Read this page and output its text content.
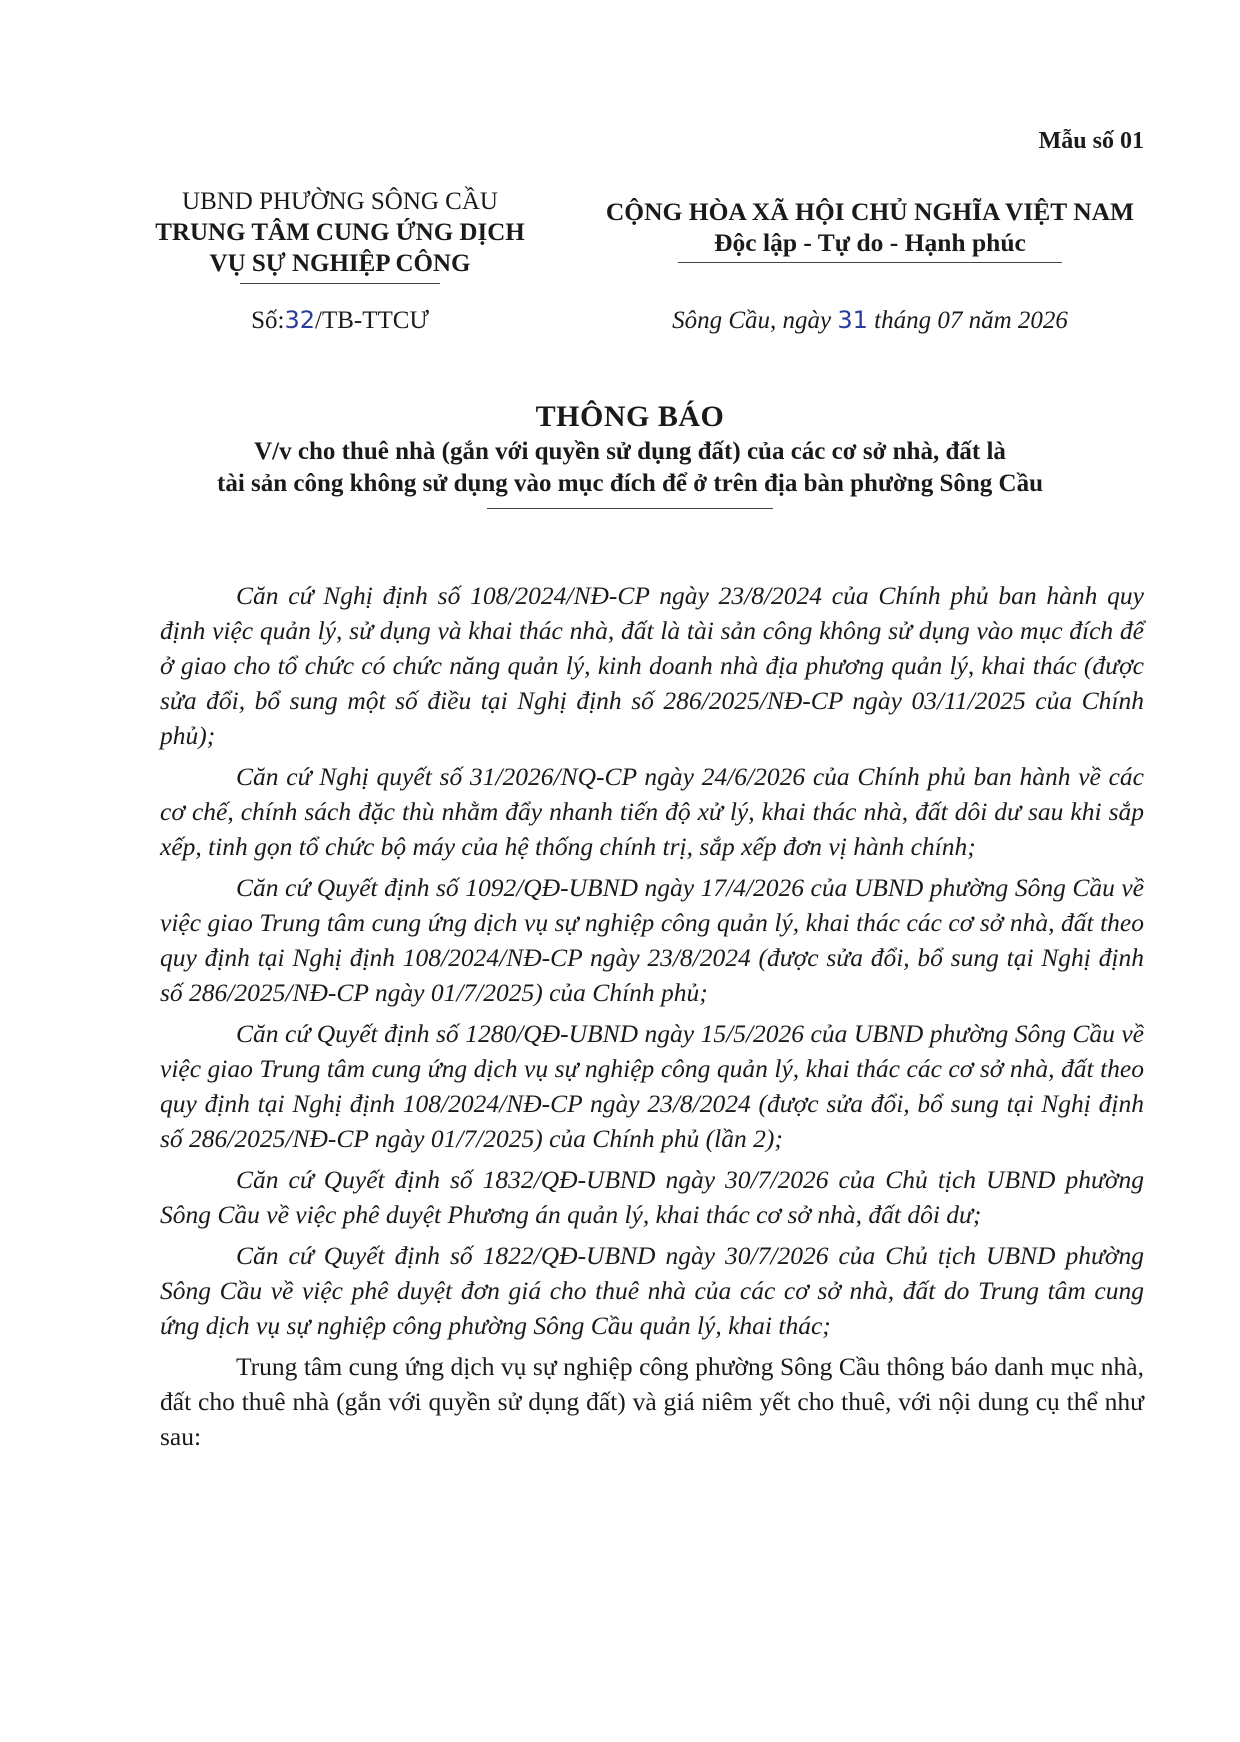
Mẫu số 01
UBND PHƯỜNG SÔNG CẦU
TRUNG TÂM CUNG ỨNG DỊCH
VỤ SỰ NGHIỆP CÔNG
CỘNG HÒA XÃ HỘI CHỦ NGHĨA VIỆT NAM
Độc lập - Tự do - Hạnh phúc
Số:32/TB-TTCƯ	Sông Cầu, ngày 31 tháng 07 năm 2026
THÔNG BÁO
V/v cho thuê nhà (gắn với quyền sử dụng đất) của các cơ sở nhà, đất là
tài sản công không sử dụng vào mục đích để ở trên địa bàn phường Sông Cầu

Căn cứ Nghị định số 108/2024/NĐ-CP ngày 23/8/2024 của Chính phủ ban hành quy định việc quản lý, sử dụng và khai thác nhà, đất là tài sản công không sử dụng vào mục đích để ở giao cho tổ chức có chức năng quản lý, kinh doanh nhà địa phương quản lý, khai thác (được sửa đổi, bổ sung một số điều tại Nghị định số 286/2025/NĐ-CP ngày 03/11/2025 của Chính phủ);

Căn cứ Nghị quyết số 31/2026/NQ-CP ngày 24/6/2026 của Chính phủ ban hành về các cơ chế, chính sách đặc thù nhằm đẩy nhanh tiến độ xử lý, khai thác nhà, đất dôi dư sau khi sắp xếp, tinh gọn tổ chức bộ máy của hệ thống chính trị, sắp xếp đơn vị hành chính;

Căn cứ Quyết định số 1092/QĐ-UBND ngày 17/4/2026 của UBND phường Sông Cầu về việc giao Trung tâm cung ứng dịch vụ sự nghiệp công quản lý, khai thác các cơ sở nhà, đất theo quy định tại Nghị định 108/2024/NĐ-CP ngày 23/8/2024 (được sửa đổi, bổ sung tại Nghị định số 286/2025/NĐ-CP ngày 01/7/2025) của Chính phủ;

Căn cứ Quyết định số 1280/QĐ-UBND ngày 15/5/2026 của UBND phường Sông Cầu về việc giao Trung tâm cung ứng dịch vụ sự nghiệp công quản lý, khai thác các cơ sở nhà, đất theo quy định tại Nghị định 108/2024/NĐ-CP ngày 23/8/2024 (được sửa đổi, bổ sung tại Nghị định số 286/2025/NĐ-CP ngày 01/7/2025) của Chính phủ (lần 2);

Căn cứ Quyết định số 1832/QĐ-UBND ngày 30/7/2026 của Chủ tịch UBND phường Sông Cầu về việc phê duyệt Phương án quản lý, khai thác cơ sở nhà, đất dôi dư;

Căn cứ Quyết định số 1822/QĐ-UBND ngày 30/7/2026 của Chủ tịch UBND phường Sông Cầu về việc phê duyệt đơn giá cho thuê nhà của các cơ sở nhà, đất do Trung tâm cung ứng dịch vụ sự nghiệp công phường Sông Cầu quản lý, khai thác;

Trung tâm cung ứng dịch vụ sự nghiệp công phường Sông Cầu thông báo danh mục nhà, đất cho thuê nhà (gắn với quyền sử dụng đất) và giá niêm yết cho thuê, với nội dung cụ thể như sau:
